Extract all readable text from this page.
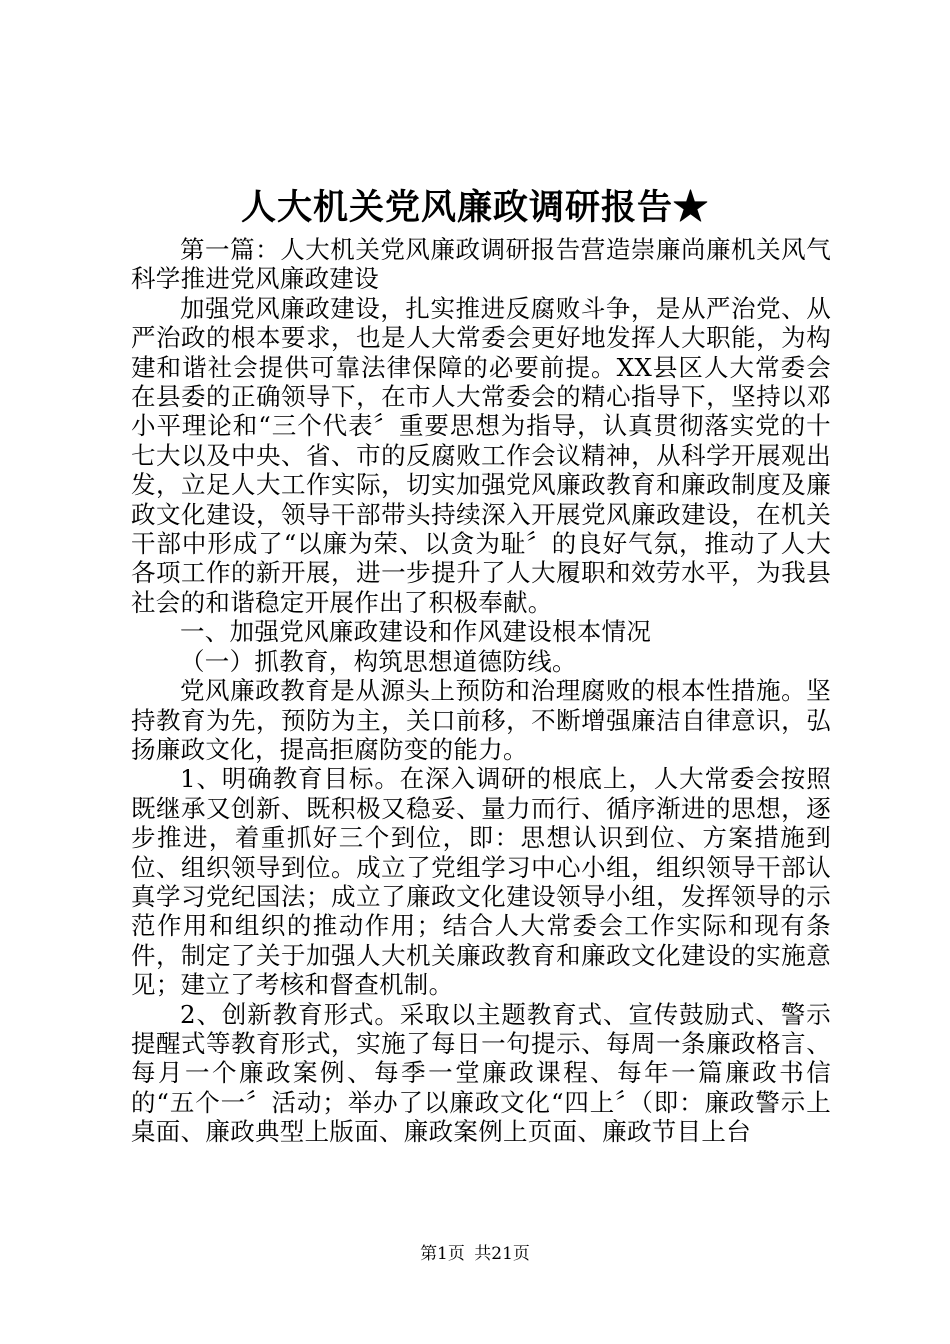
人大机关党风廉政调研报告★

第一篇：人大机关党风廉政调研报告营造崇廉尚廉机关风气科学推进党风廉政建设

加强党风廉政建设，扎实推进反腐败斗争，是从严治党、从严治政的根本要求，也是人大常委会更好地发挥人大职能，为构建和谐社会提供可靠法律保障的必要前提。XX县区人大常委会在县委的正确领导下，在市人大常委会的精心指导下，坚持以邓小平理论和“三个代表〞重要思想为指导，认真贯彻落实党的十七大以及中央、省、市的反腐败工作会议精神，从科学开展观出发，立足人大工作实际，切实加强党风廉政教育和廉政制度及廉政文化建设，领导干部带头持续深入开展党风廉政建设，在机关干部中形成了“以廉为荣、以贪为耻〞的良好气氛，推动了人大各项工作的新开展，进一步提升了人大履职和效劳水平，为我县社会的和谐稳定开展作出了积极奉献。

一、加强党风廉政建设和作风建设根本情况

（一）抓教育，构筑思想道德防线。

党风廉政教育是从源头上预防和治理腐败的根本性措施。坚持教育为先，预防为主，关口前移，不断增强廉洁自律意识，弘扬廉政文化，提高拒腐防变的能力。

1、明确教育目标。在深入调研的根底上，人大常委会按照既继承又创新、既积极又稳妥、量力而行、循序渐进的思想，逐步推进，着重抓好三个到位，即：思想认识到位、方案措施到位、组织领导到位。成立了党组学习中心小组，组织领导干部认真学习党纪国法；成立了廉政文化建设领导小组，发挥领导的示范作用和组织的推动作用；结合人大常委会工作实际和现有条件，制定了关于加强人大机关廉政教育和廉政文化建设的实施意见；建立了考核和督查机制。

2、创新教育形式。采取以主题教育式、宣传鼓励式、警示提醒式等教育形式，实施了每日一句提示、每周一条廉政格言、每月一个廉政案例、每季一堂廉政课程、每年一篇廉政书信的“五个一〞活动；举办了以廉政文化“四上〞（即：廉政警示上桌面、廉政典型上版面、廉政案例上页面、廉政节目上台

第1页 共21页
